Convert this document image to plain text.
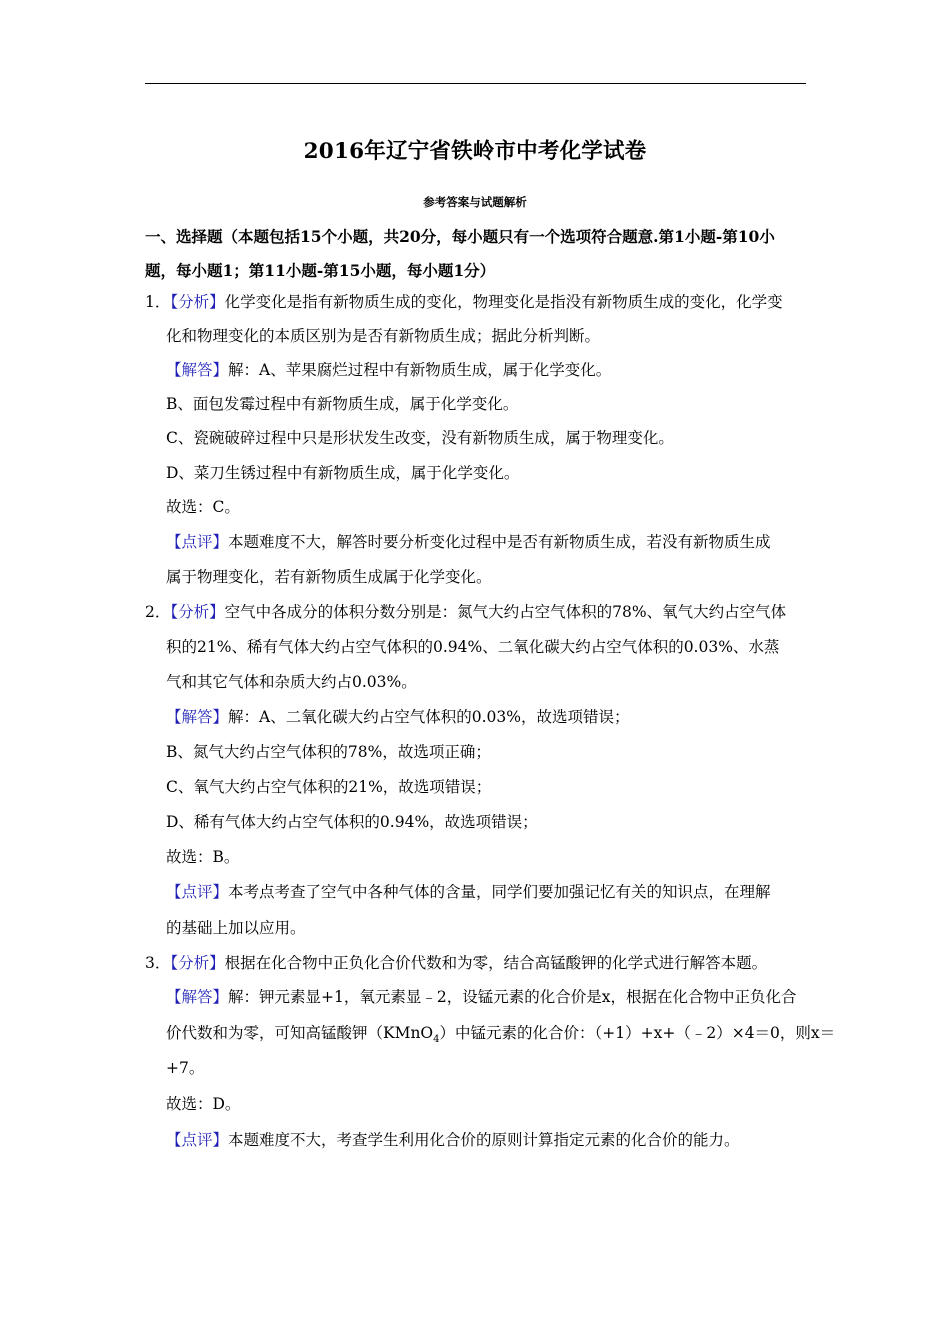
2016年辽宁省铁岭市中考化学试卷
参考答案与试题解析
一、选择题（本题包括15个小题，共20分，每小题只有一个选项符合题意.第1小题-第10小
题，每小题1；第11小题-第15小题，每小题1分）
1．【分析】化学变化是指有新物质生成的变化，物理变化是指没有新物质生成的变化，化学变
化和物理变化的本质区别为是否有新物质生成；据此分析判断。
【解答】解：A、苹果腐烂过程中有新物质生成，属于化学变化。
B、面包发霉过程中有新物质生成，属于化学变化。
C、瓷碗破碎过程中只是形状发生改变，没有新物质生成，属于物理变化。
D、菜刀生锈过程中有新物质生成，属于化学变化。
故选：C。
【点评】本题难度不大，解答时要分析变化过程中是否有新物质生成，若没有新物质生成
属于物理变化，若有新物质生成属于化学变化。
2．【分析】空气中各成分的体积分数分别是：氮气大约占空气体积的78%、氧气大约占空气体
积的21%、稀有气体大约占空气体积的0.94%、二氧化碳大约占空气体积的0.03%、水蒸
气和其它气体和杂质大约占0.03%。
【解答】解：A、二氧化碳大约占空气体积的0.03%，故选项错误；
B、氮气大约占空气体积的78%，故选项正确；
C、氧气大约占空气体积的21%，故选项错误；
D、稀有气体大约占空气体积的0.94%，故选项错误；
故选：B。
【点评】本考点考查了空气中各种气体的含量，同学们要加强记忆有关的知识点，在理解
的基础上加以应用。
3．【分析】根据在化合物中正负化合价代数和为零，结合高锰酸钾的化学式进行解答本题。
【解答】解：钾元素显+1，氧元素显﹣2，设锰元素的化合价是x，根据在化合物中正负化合
价代数和为零，可知高锰酸钾（KMnO$_4$）中锰元素的化合价：（+1）+x+（﹣2）×4＝0，则x＝
+7。
故选：D。
【点评】本题难度不大，考查学生利用化合价的原则计算指定元素的化合价的能力。
